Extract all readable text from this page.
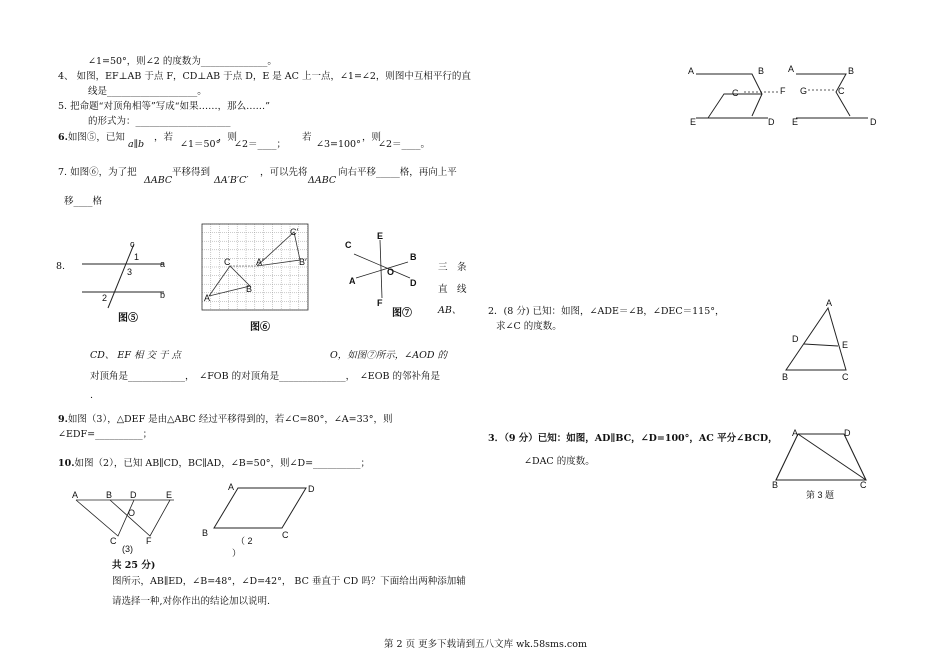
∠1=50°，则∠2 的度数为______________。
4、 如图，EF⊥AB 于点 F，CD⊥AB 于点 D，E 是 AC 上一点，∠1=∠2，则图中互相平行的直
线是___________________。
5. 把命题“对顶角相等”写成“如果……，那么……”
的形式为：____________________
6.如图⑤，已知
a∥b
，若
∠1＝50°
，则
∠2＝____；
若
∠3=100°
，则
∠2＝____。
7. 如图⑥，为了把
ΔABC
平移得到
ΔA′B′C′
，可以先将
ΔABC
向右平移_____格，再向上平
移____格
8.
c
a
b
1
3
2
图⑤
C′
C	A′	B′
B
A
图⑥
C
E
B
O
A
F
D
图⑦
三　条
直　线
AB、
CD、 EF 相 交 于 点	O，如图⑦所示，∠AOD 的
对顶角是____________，　∠FOB 的对顶角是______________，　∠EOB 的邻补角是
.
9.如图（3），△DEF 是由△ABC 经过平移得到的，若∠C=80°，∠A=33°，则
∠EDF=__________；
10.如图（2），已知 AB∥CD，BC∥AD，∠B=50°，则∠D=__________；
A	B D	E
O
C	F
(3)
A	D
B	C
（ 2
）
共 25 分)
图所示，AB∥ED，∠B=48°，∠D=42°， BC 垂直于 CD 吗？下面给出两种添加辅
请选择一种,对你作出的结论加以说明.
A	B
C	F
E	D
A	B
G	C
E	D
2．(8 分) 已知：如图，∠ADE＝∠B，∠DEC＝115°，
求∠C 的度数。
A
D
E
B	C
3．（9 分）已知：如图，AD∥BC，∠D=100°，AC 平分∠BCD，
∠DAC 的度数。
A	D
B	C
第 3 题
第 2 页 更多下载请到五八文库 wk.58sms.com
